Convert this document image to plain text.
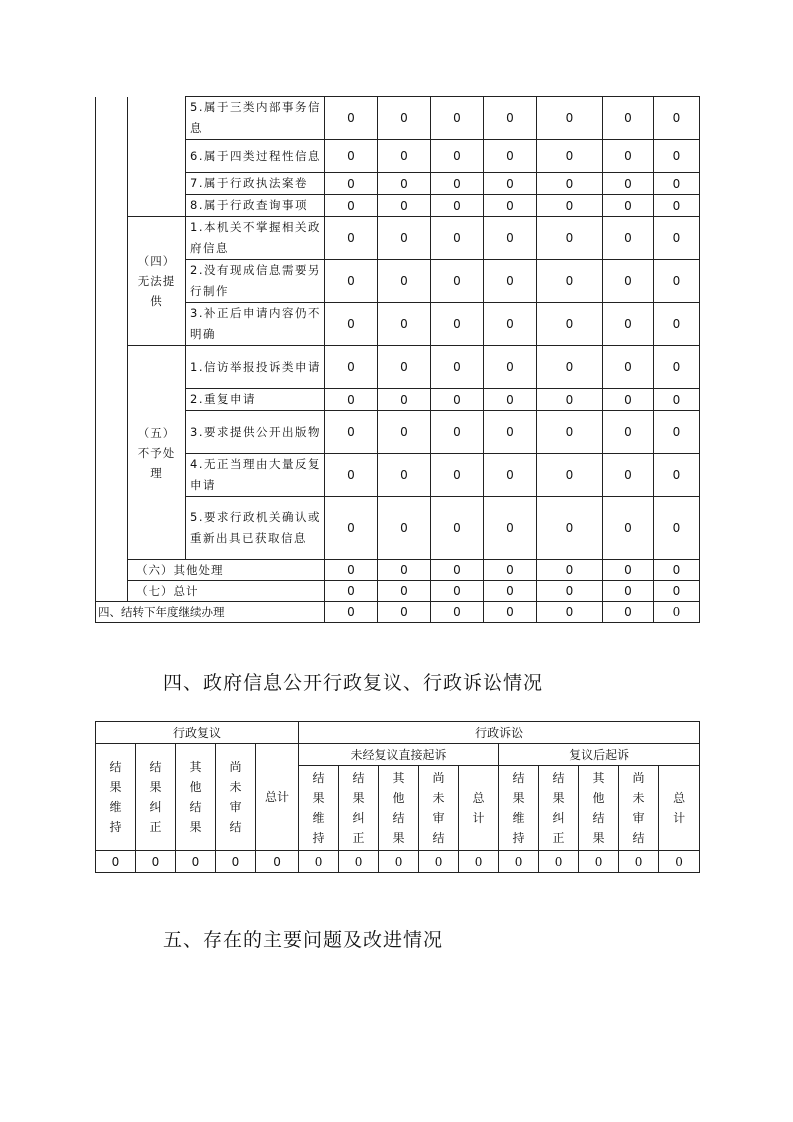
		5.属于三类内部事务信息	0	0	0	0	0	0	0
		6.属于四类过程性信息	0	0	0	0	0	0	0
		7.属于行政执法案卷	0	0	0	0	0	0	0
		8.属于行政查询事项	0	0	0	0	0	0	0
	（四）无法提供	1.本机关不掌握相关政府信息	0	0	0	0	0	0	0
		2.没有现成信息需要另行制作	0	0	0	0	0	0	0
		3.补正后申请内容仍不明确	0	0	0	0	0	0	0
	（五）不予处理	1.信访举报投诉类申请	0	0	0	0	0	0	0
		2.重复申请	0	0	0	0	0	0	0
		3.要求提供公开出版物	0	0	0	0	0	0	0
		4.无正当理由大量反复申请	0	0	0	0	0	0	0
		5.要求行政机关确认或重新出具已获取信息	0	0	0	0	0	0	0
	（六）其他处理		0	0	0	0	0	0	0
	（七）总计		0	0	0	0	0	0	0
四、结转下年度继续办理			0	0	0	0	0	0	0
四、政府信息公开行政复议、行政诉讼情况
行政复议					行政诉讼									
结果维持	结果纠正	其他结果	尚未审结	总计	未经复议直接起诉					复议后起诉				
					结果维持	结果纠正	其他结果	尚未审结	总计	结果维持	结果纠正	其他结果	尚未审结	总计
0	0	0	0	0	0	0	0	0	0	0	0	0	0	0
五、存在的主要问题及改进情况
